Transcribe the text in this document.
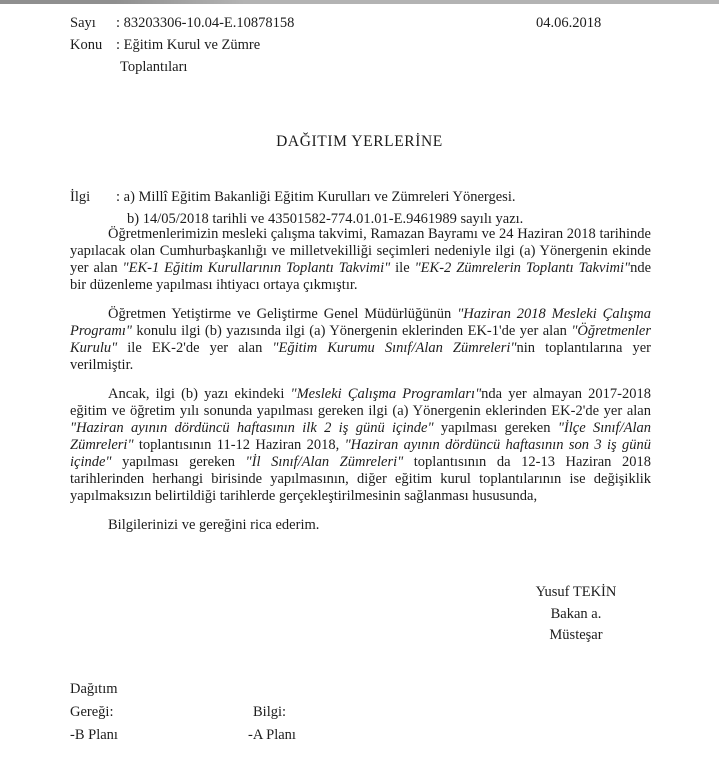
Sayı : 83203306-10.04-E.10878158
Konu : Eğitim Kurul ve Zümre
Toplantıları
04.06.2018
DAĞITIM YERLERİNE
İlgi : a) Millî Eğitim Bakanliği Eğitim Kurulları ve Zümreleri Yönergesi.
b) 14/05/2018 tarihli ve 43501582-774.01.01-E.9461989 sayılı yazı.

Öğretmenlerimizin mesleki çalışma takvimi, Ramazan Bayramı ve 24 Haziran 2018 tarihinde yapılacak olan Cumhurbaşkanlığı ve milletvekilliği seçimleri nedeniyle ilgi (a) Yönergenin ekinde yer alan "EK-1 Eğitim Kurullarının Toplantı Takvimi" ile "EK-2 Zümrelerin Toplantı Takvimi"nde bir düzenleme yapılması ihtiyacı ortaya çıkmıştır.

Öğretmen Yetiştirme ve Geliştirme Genel Müdürlüğünün "Haziran 2018 Mesleki Çalışma Programı" konulu ilgi (b) yazısında ilgi (a) Yönergenin eklerinden EK-1'de yer alan "Öğretmenler Kurulu" ile EK-2'de yer alan "Eğitim Kurumu Sınıf/Alan Zümreleri"nin toplantılarına yer verilmiştir.

Ancak, ilgi (b) yazı ekindeki "Mesleki Çalışma Programları"nda yer almayan 2017-2018 eğitim ve öğretim yılı sonunda yapılması gereken ilgi (a) Yönergenin eklerinden EK-2'de yer alan "Haziran ayının dördüncü haftasının ilk 2 iş günü içinde" yapılması gereken "İlçe Sınıf/Alan Zümreleri" toplantısının 11-12 Haziran 2018, "Haziran ayının dördüncü haftasının son 3 iş günü içinde" yapılması gereken "İl Sınıf/Alan Zümreleri" toplantısının da 12-13 Haziran 2018 tarihlerinden herhangi birisinde yapılmasının, diğer eğitim kurul toplantılarının ise değişiklik yapılmaksızın belirtildiği tarihlerde gerçekleştirilmesinin sağlanması hususunda,

Bilgilerinizi ve gereğini rica ederim.

Yusuf TEKİN
Bakan a.
Müsteşar
Dağıtım
Gereği:	Bilgi:
-B Planı	-A Planı
